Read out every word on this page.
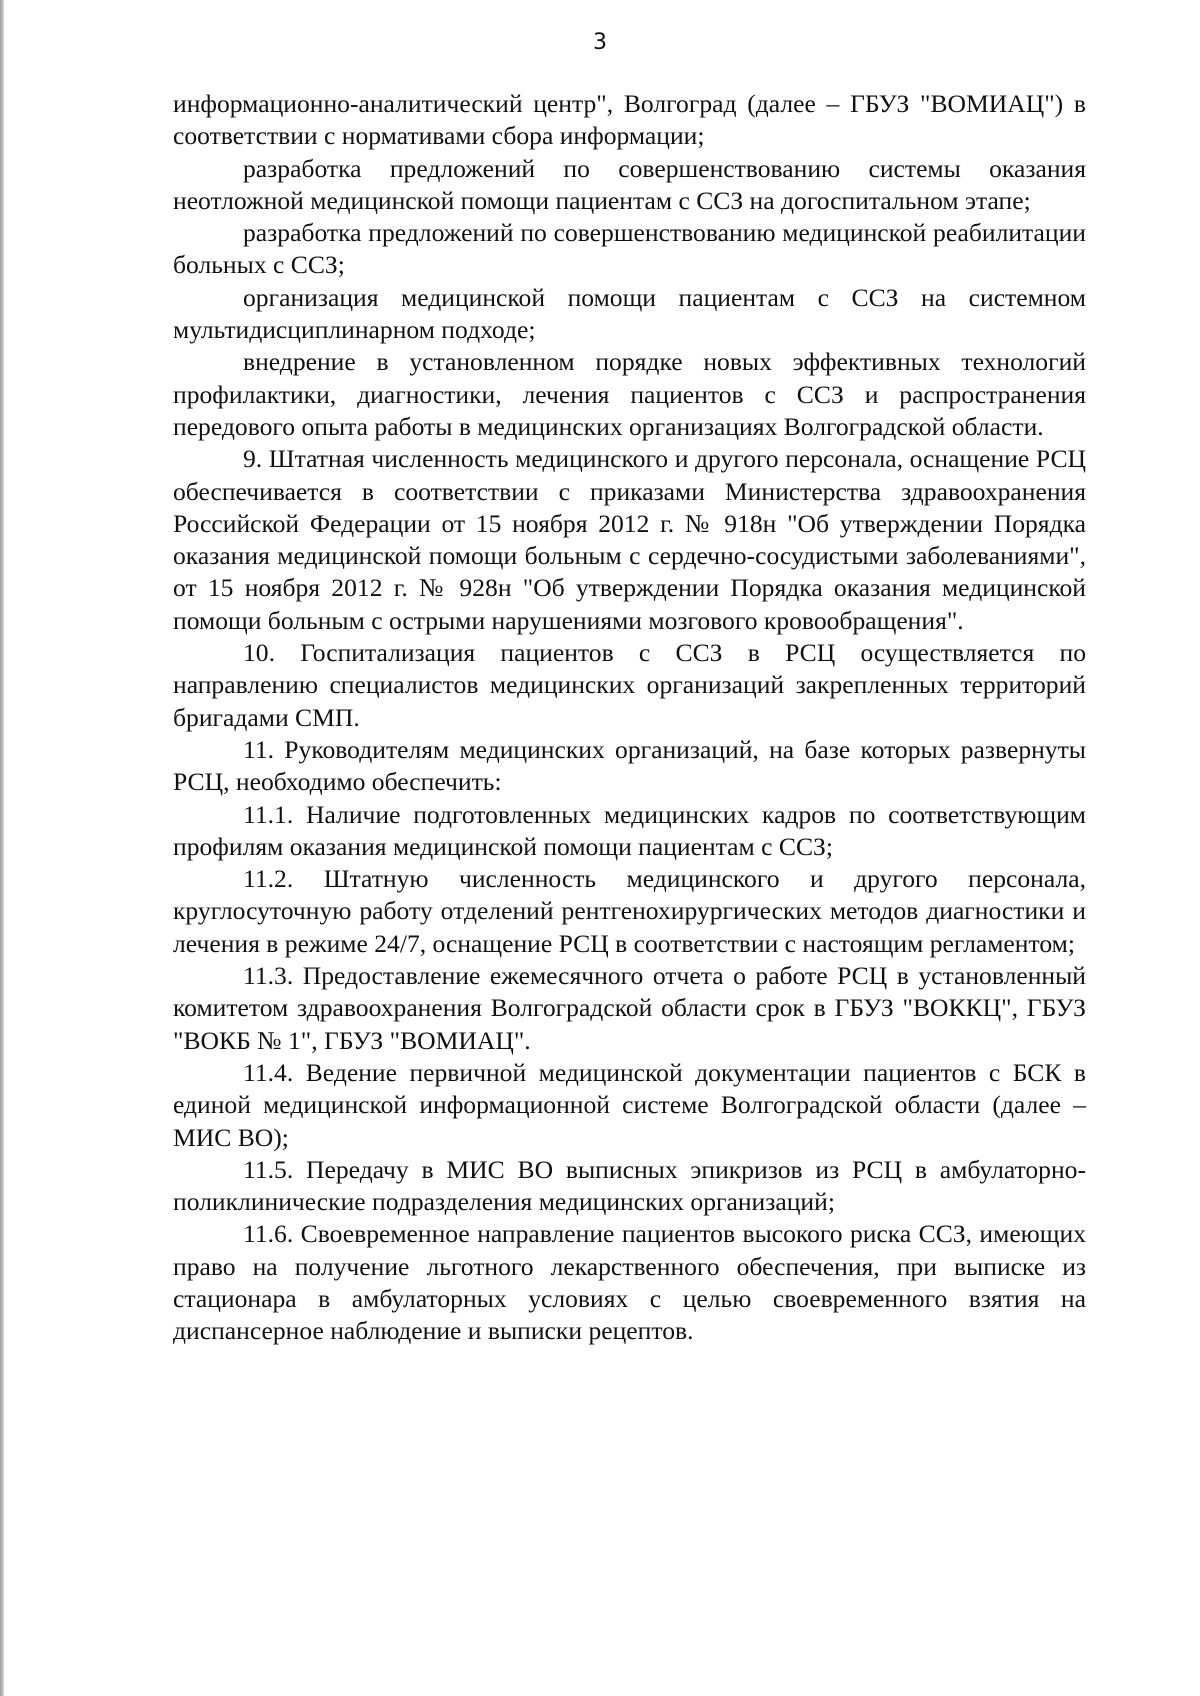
3

информационно-аналитический центр", Волгоград (далее – ГБУЗ "ВОМИАЦ") в соответствии с нормативами сбора информации;

разработка предложений по совершенствованию системы оказания неотложной медицинской помощи пациентам с ССЗ на догоспитальном этапе;

разработка предложений по совершенствованию медицинской реабилитации больных с ССЗ;

организация медицинской помощи пациентам с ССЗ на системном мультидисциплинарном подходе;

внедрение в установленном порядке новых эффективных технологий профилактики, диагностики, лечения пациентов с ССЗ и распространения передового опыта работы в медицинских организациях Волгоградской области.

9. Штатная численность медицинского и другого персонала, оснащение РСЦ обеспечивается в соответствии с приказами Министерства здравоохранения Российской Федерации от 15 ноября 2012 г. № 918н "Об утверждении Порядка оказания медицинской помощи больным с сердечно-сосудистыми заболеваниями", от 15 ноября 2012 г. № 928н "Об утверждении Порядка оказания медицинской помощи больным с острыми нарушениями мозгового кровообращения".

10. Госпитализация пациентов с ССЗ в РСЦ осуществляется по направлению специалистов медицинских организаций закрепленных территорий бригадами СМП.

11. Руководителям медицинских организаций, на базе которых развернуты РСЦ, необходимо обеспечить:

11.1. Наличие подготовленных медицинских кадров по соответствующим профилям оказания медицинской помощи пациентам с ССЗ;

11.2. Штатную численность медицинского и другого персонала, круглосуточную работу отделений рентгенохирургических методов диагностики и лечения в режиме 24/7, оснащение РСЦ в соответствии с настоящим регламентом;

11.3. Предоставление ежемесячного отчета о работе РСЦ в установленный комитетом здравоохранения Волгоградской области срок в ГБУЗ "ВОККЦ", ГБУЗ "ВОКБ № 1", ГБУЗ "ВОМИАЦ".

11.4. Ведение первичной медицинской документации пациентов с БСК в единой медицинской информационной системе Волгоградской области (далее – МИС ВО);

11.5. Передачу в МИС ВО выписных эпикризов из РСЦ в амбулаторно-поликлинические подразделения медицинских организаций;

11.6. Своевременное направление пациентов высокого риска ССЗ, имеющих право на получение льготного лекарственного обеспечения, при выписке из стационара в амбулаторных условиях с целью своевременного взятия на диспансерное наблюдение и выписки рецептов.
